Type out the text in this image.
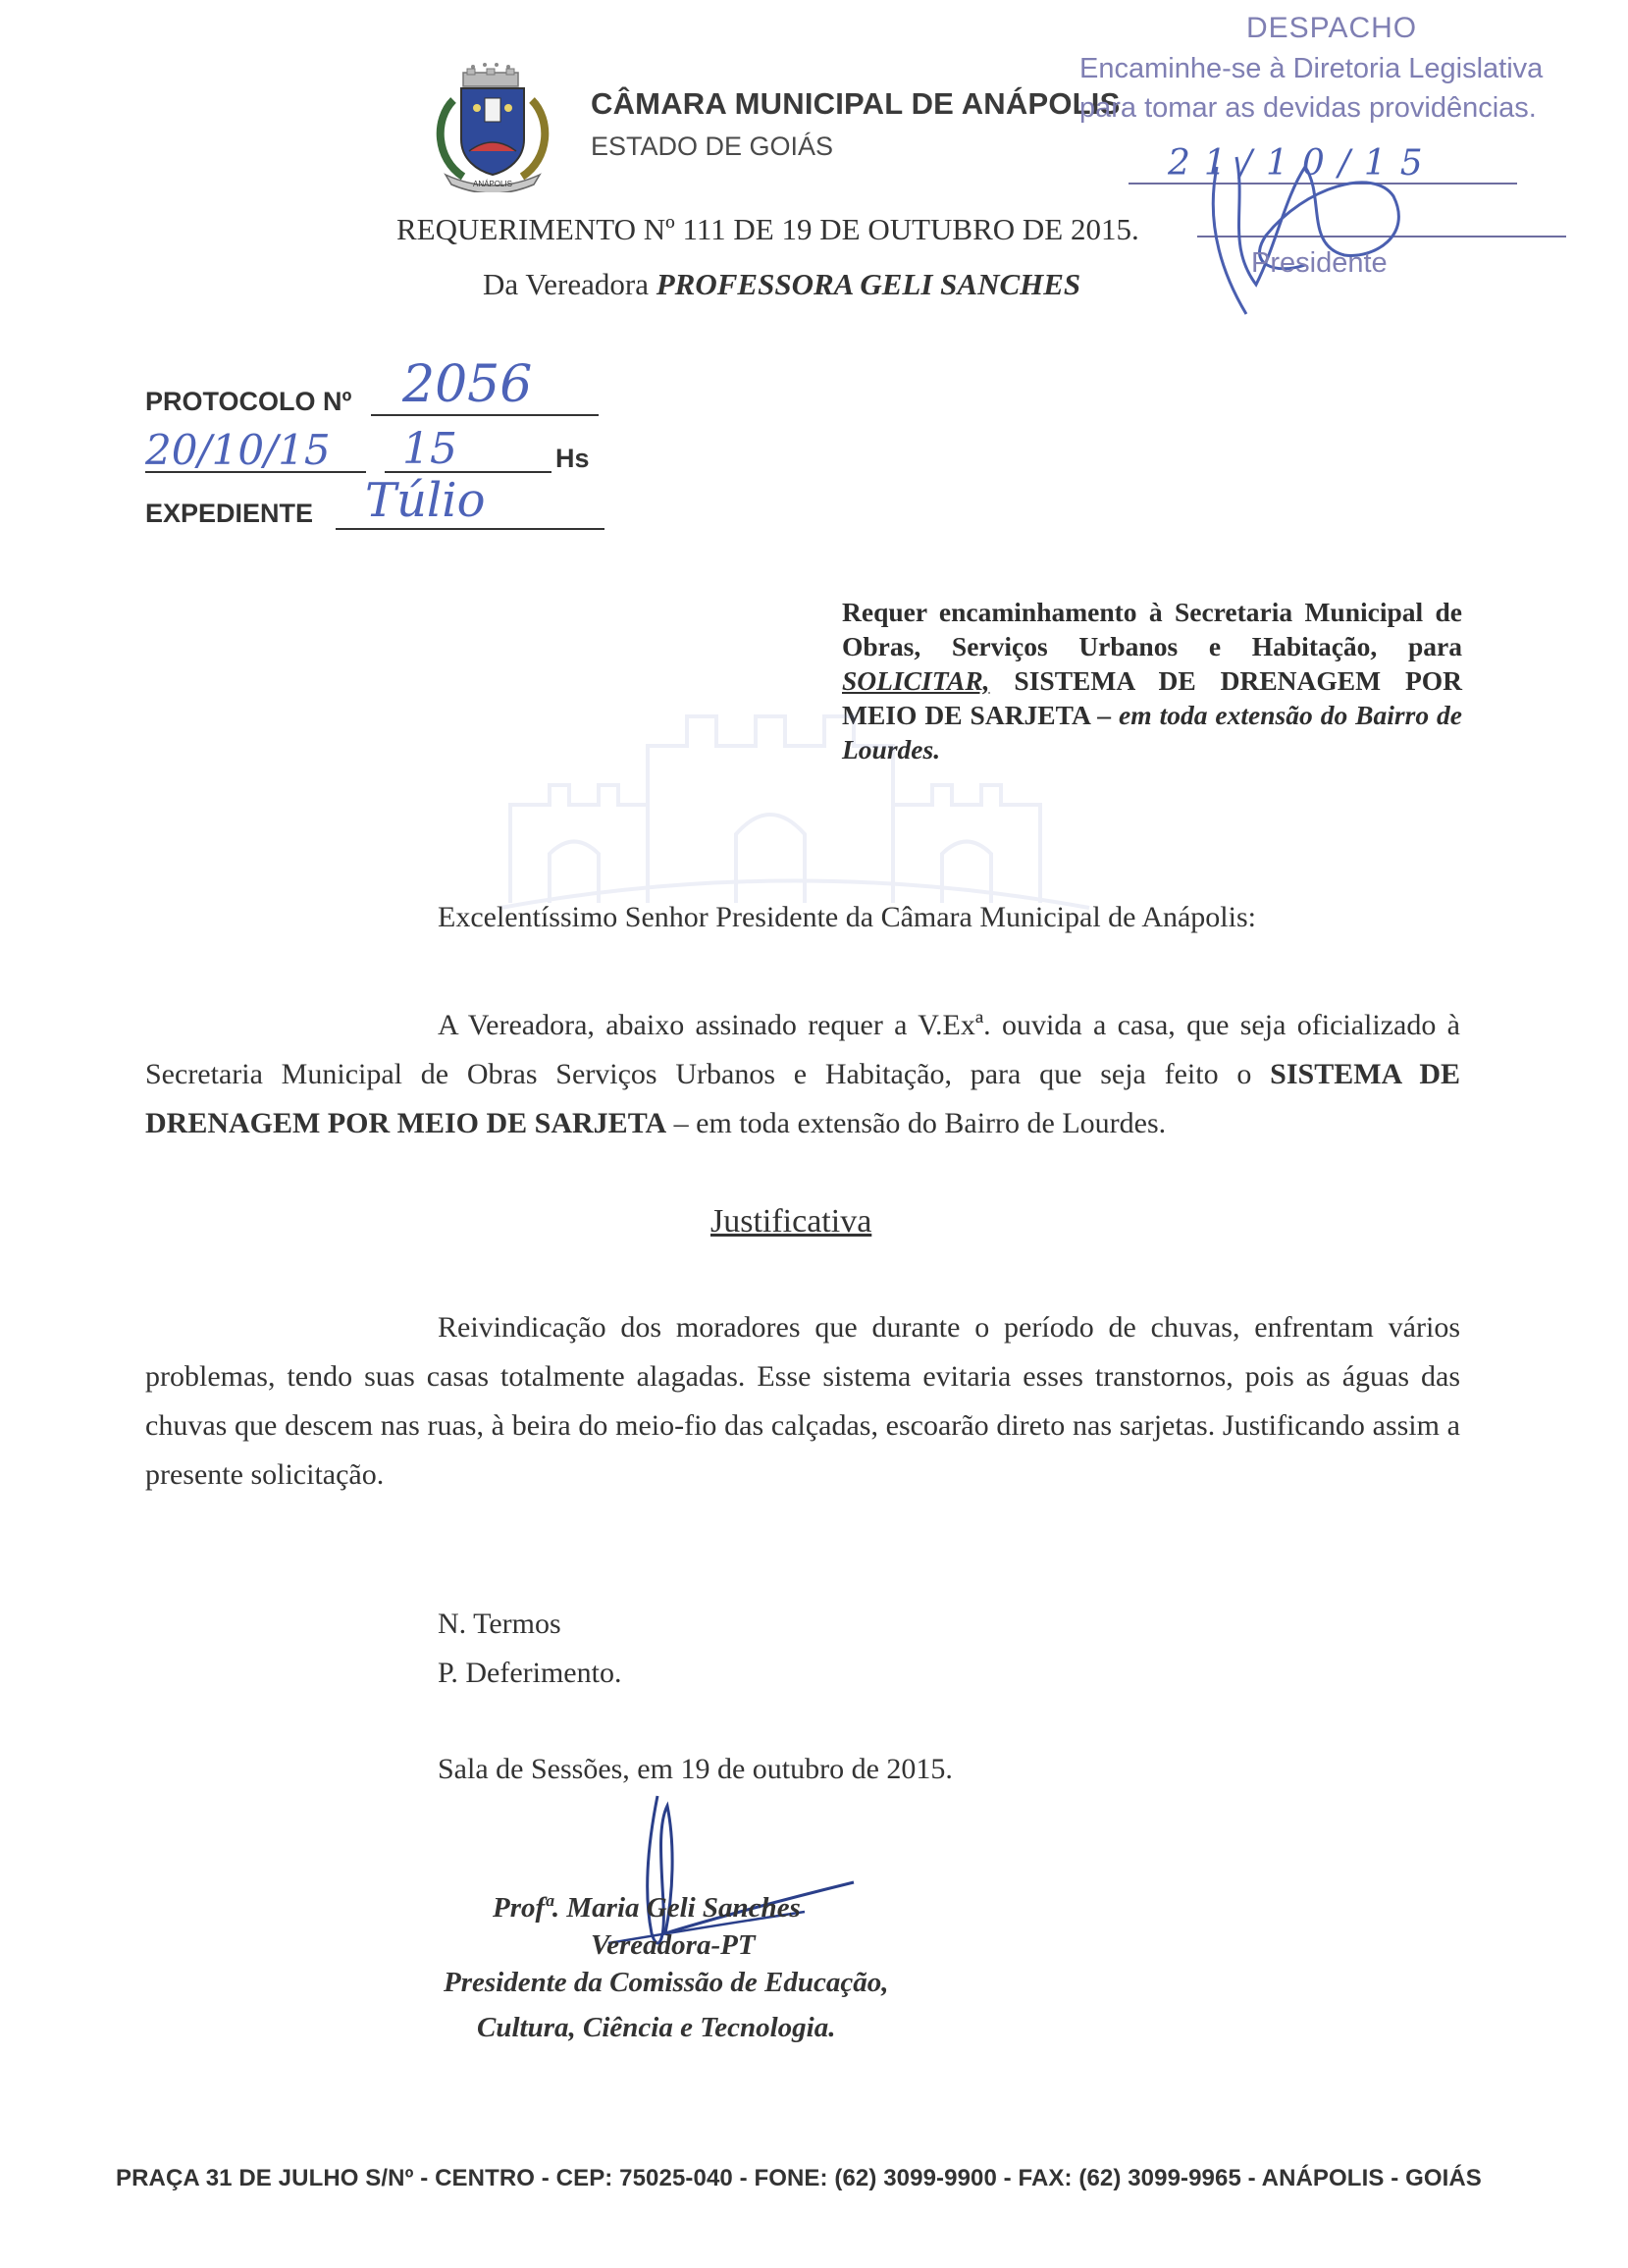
ANÁPOLIS
CÂMARA MUNICIPAL DE ANÁPOLIS
ESTADO DE GOIÁS
DESPACHO
Encaminhe-se à Diretoria Legislativa
para tomar as devidas providências.
21/10/15
Presidente
REQUERIMENTO Nº 111 DE 19 DE OUTUBRO DE 2015.
Da Vereadora PROFESSORA GELI SANCHES
PROTOCOLO Nº 2056
20/10/15 15	Hs
EXPEDIENTE Túlio
Requer encaminhamento à Secretaria Municipal de Obras, Serviços Urbanos e Habitação, para SOLICITAR, SISTEMA DE DRENAGEM POR MEIO DE SARJETA – em toda extensão do Bairro de Lourdes.
Excelentíssimo Senhor Presidente da Câmara Municipal de Anápolis:
A Vereadora, abaixo assinado requer a V.Exª. ouvida a casa, que seja oficializado à Secretaria Municipal de Obras Serviços Urbanos e Habitação, para que seja feito o SISTEMA DE DRENAGEM POR MEIO DE SARJETA – em toda extensão do Bairro de Lourdes.
Justificativa
Reivindicação dos moradores que durante o período de chuvas, enfrentam vários problemas, tendo suas casas totalmente alagadas. Esse sistema evitaria esses transtornos, pois as águas das chuvas que descem nas ruas, à beira do meio-fio das calçadas, escoarão direto nas sarjetas. Justificando assim a presente solicitação.
N. Termos
P. Deferimento.
Sala de Sessões, em 19 de outubro de 2015.
Profª. Maria Geli Sanches
Vereadora-PT
Presidente da Comissão de Educação,
Cultura, Ciência e Tecnologia.
PRAÇA 31 DE JULHO S/Nº - CENTRO - CEP: 75025-040 - FONE: (62) 3099-9900 - FAX: (62) 3099-9965 - ANÁPOLIS - GOIÁS
